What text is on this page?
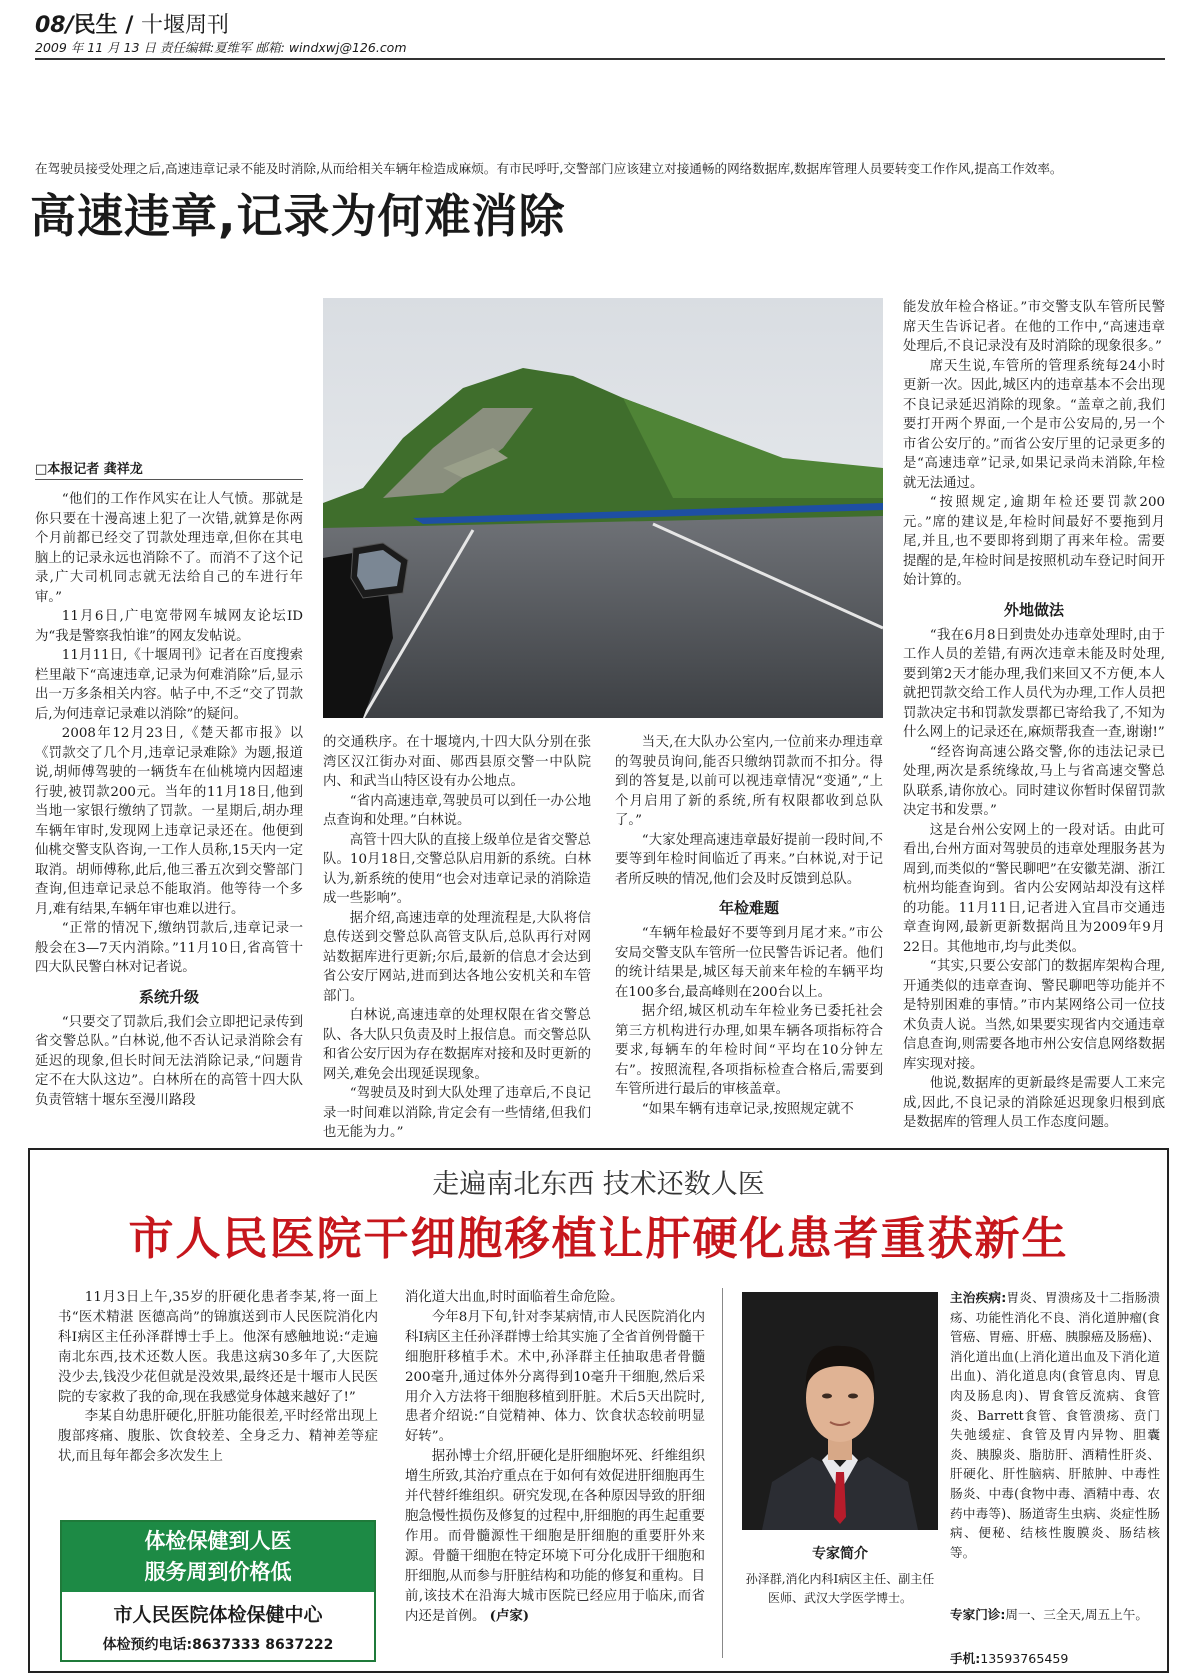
08/民生 / 十堰周刊
2009 年 11 月 13 日 责任编辑:夏维军 邮箱: windxwj@126.com
在驾驶员接受处理之后,高速违章记录不能及时消除,从而给相关车辆年检造成麻烦。有市民呼吁,交警部门应该建立对接通畅的网络数据库,数据库管理人员要转变工作作风,提高工作效率。
高速违章,记录为何难消除
□本报记者 龚祥龙

“他们的工作作风实在让人气愤。那就是你只要在十漫高速上犯了一次错,就算是你两个月前都已经交了罚款处理违章,但你在其电脑上的记录永远也消除不了。而消不了这个记录,广大司机同志就无法给自己的车进行年审。”

11月6日,广电宽带网车城网友论坛ID为“我是警察我怕谁”的网友发帖说。

11月11日,《十堰周刊》记者在百度搜索栏里敲下“高速违章,记录为何难消除”后,显示出一万多条相关内容。帖子中,不乏“交了罚款后,为何违章记录难以消除”的疑问。

2008年12月23日,《楚天都市报》以《罚款交了几个月,违章记录难除》为题,报道说,胡师傅驾驶的一辆货车在仙桃境内因超速行驶,被罚款200元。当年的11月18日,他到当地一家银行缴纳了罚款。一星期后,胡办理车辆年审时,发现网上违章记录还在。他便到仙桃交警支队咨询,一工作人员称,15天内一定取消。胡师傅称,此后,他三番五次到交警部门查询,但违章记录总不能取消。他等待一个多月,难有结果,车辆年审也难以进行。

“正常的情况下,缴纳罚款后,违章记录一般会在3—7天内消除。”11月10日,省高管十四大队民警白林对记者说。

系统升级

“只要交了罚款后,我们会立即把记录传到省交警总队。”白林说,他不否认记录消除会有延迟的现象,但长时间无法消除记录,“问题肯定不在大队这边”。白林所在的高管十四大队负责管辖十堰东至漫川路段

的交通秩序。在十堰境内,十四大队分别在张湾区汉江街办对面、郧西县原交警一中队院内、和武当山特区设有办公地点。

“省内高速违章,驾驶员可以到任一办公地点查询和处理。”白林说。

高管十四大队的直接上级单位是省交警总队。10月18日,交警总队启用新的系统。白林认为,新系统的使用“也会对违章记录的消除造成一些影响”。

据介绍,高速违章的处理流程是,大队将信息传送到交警总队高管支队后,总队再行对网站数据库进行更新;尔后,最新的信息才会达到省公安厅网站,进而到达各地公安机关和车管部门。

白林说,高速违章的处理权限在省交警总队、各大队只负责及时上报信息。而交警总队和省公安厅因为存在数据库对接和及时更新的网关,难免会出现延误现象。

“驾驶员及时到大队处理了违章后,不良记录一时间难以消除,肯定会有一些情绪,但我们也无能为力。”

当天,在大队办公室内,一位前来办理违章的驾驶员询问,能否只缴纳罚款而不扣分。得到的答复是,以前可以视违章情况“变通”,“上个月启用了新的系统,所有权限都收到总队了。”

“大家处理高速违章最好提前一段时间,不要等到年检时间临近了再来。”白林说,对于记者所反映的情况,他们会及时反馈到总队。

年检难题

“车辆年检最好不要等到月尾才来。”市公安局交警支队车管所一位民警告诉记者。他们的统计结果是,城区每天前来年检的车辆平均在100多台,最高峰则在200台以上。

据介绍,城区机动车年检业务已委托社会第三方机构进行办理,如果车辆各项指标符合要求,每辆车的年检时间“平均在10分钟左右”。按照流程,各项指标检查合格后,需要到车管所进行最后的审核盖章。

“如果车辆有违章记录,按照规定就不

能发放年检合格证。”市交警支队车管所民警席天生告诉记者。在他的工作中,“高速违章处理后,不良记录没有及时消除的现象很多。”

席天生说,车管所的管理系统每24小时更新一次。因此,城区内的违章基本不会出现不良记录延迟消除的现象。“盖章之前,我们要打开两个界面,一个是市公安局的,另一个市省公安厅的。”而省公安厅里的记录更多的是“高速违章”记录,如果记录尚未消除,年检就无法通过。

“按照规定,逾期年检还要罚款200元。”席的建议是,年检时间最好不要拖到月尾,并且,也不要即将到期了再来年检。需要提醒的是,年检时间是按照机动车登记时间开始计算的。

外地做法

“我在6月8日到贵处办违章处理时,由于工作人员的差错,有两次违章未能及时处理,要到第2天才能办理,我们来回又不方便,本人就把罚款交给工作人员代为办理,工作人员把罚款决定书和罚款发票都已寄给我了,不知为什么网上的记录还在,麻烦帮我查一查,谢谢!”

“经咨询高速公路交警,你的违法记录已处理,两次是系统缘故,马上与省高速交警总队联系,请你放心。同时建议你暂时保留罚款决定书和发票。”

这是台州公安网上的一段对话。由此可看出,台州方面对驾驶员的违章处理服务甚为周到,而类似的“警民聊吧”在安徽芜湖、浙江杭州均能查询到。省内公安网站却没有这样的功能。11月11日,记者进入宜昌市交通违章查询网,最新更新数据尚且为2009年9月22日。其他地市,均与此类似。

“其实,只要公安部门的数据库架构合理,开通类似的违章查询、警民聊吧等功能并不是特别困难的事情。”市内某网络公司一位技术负责人说。当然,如果要实现省内交通违章信息查询,则需要各地市州公安信息网络数据库实现对接。

他说,数据库的更新最终是需要人工来完成,因此,不良记录的消除延迟现象归根到底是数据库的管理人员工作态度问题。

走遍南北东西 技术还数人医
市人民医院干细胞移植让肝硬化患者重获新生

11月3日上午,35岁的肝硬化患者李某,将一面上书“医术精湛 医德高尚”的锦旗送到市人民医院消化内科Ⅰ病区主任孙泽群博士手上。他深有感触地说:“走遍南北东西,技术还数人医。我患这病30多年了,大医院没少去,钱没少花但就是没效果,最终还是十堰市人民医院的专家救了我的命,现在我感觉身体越来越好了!”

李某自幼患肝硬化,肝脏功能很差,平时经常出现上腹部疼痛、腹胀、饮食较差、全身乏力、精神差等症状,而且每年都会多次发生上

消化道大出血,时时面临着生命危险。

今年8月下旬,针对李某病情,市人民医院消化内科Ⅰ病区主任孙泽群博士给其实施了全省首例骨髓干细胞肝移植手术。术中,孙泽群主任抽取患者骨髓200毫升,通过体外分离得到10毫升干细胞,然后采用介入方法将干细胞移植到肝脏。术后5天出院时,患者介绍说:“自觉精神、体力、饮食状态较前明显好转”。

据孙博士介绍,肝硬化是肝细胞坏死、纤维组织增生所致,其治疗重点在于如何有效促进肝细胞再生并代替纤维组织。研究发现,在各种原因导致的肝细胞急慢性损伤及修复的过程中,肝细胞的再生起重要作用。而骨髓源性干细胞是肝细胞的重要肝外来源。骨髓干细胞在特定环境下可分化成肝干细胞和肝细胞,从而参与肝脏结构和功能的修复和重构。目前,该技术在沿海大城市医院已经应用于临床,而省内还是首例。 (卢家)

体检保健到人医
服务周到价格低
市人民医院体检保健中心
体检预约电话:8637333 8637222
专家简介
孙泽群,消化内科Ⅰ病区主任、副主任医师、武汉大学医学博士。
主治疾病:胃炎、胃溃疡及十二指肠溃疡、功能性消化不良、消化道肿瘤(食管癌、胃癌、肝癌、胰腺癌及肠癌)、消化道出血(上消化道出血及下消化道出血)、消化道息肉(食管息肉、胃息肉及肠息肉)、胃食管反流病、食管炎、Barrett食管、食管溃疡、贲门失弛缓症、食管及胃内异物、胆囊炎、胰腺炎、脂肪肝、酒精性肝炎、肝硬化、肝性脑病、肝脓肿、中毒性肠炎、中毒(食物中毒、酒精中毒、农药中毒等)、肠道寄生虫病、炎症性肠病、便秘、结核性腹膜炎、肠结核等。
专家门诊:周一、三全天,周五上午。
手机:13593765459
